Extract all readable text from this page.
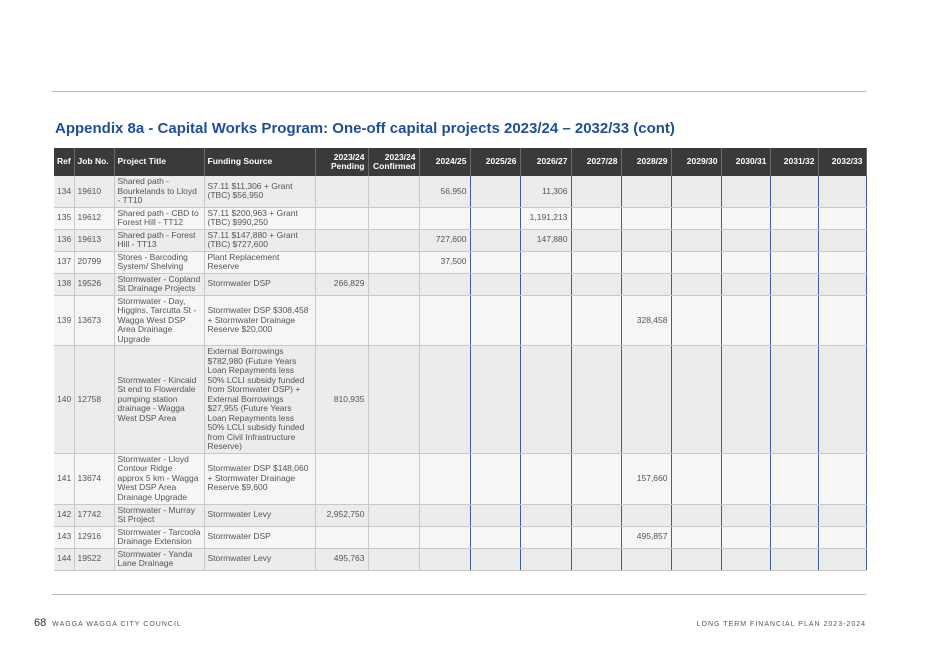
Appendix 8a - Capital Works Program: One-off capital projects 2023/24 – 2032/33 (cont)
Ref	Job No.	Project Title	Funding Source	2023/24 Pending	2023/24 Confirmed	2024/25	2025/26	2026/27	2027/28	2028/29	2029/30	2030/31	2031/32	2032/33
134	19610	Shared path - Bourkelands to Lloyd - TT10	S7.11 $11,306 + Grant (TBC) $56,950			56,950		11,306						
135	19612	Shared path - CBD to Forest Hill - TT12	S7.11 $200,963 + Grant (TBC) $990,250					1,191,213						
136	19613	Shared path - Forest Hill - TT13	S7.11 $147,880 + Grant (TBC) $727,600			727,600		147,880						
137	20799	Stores - Barcoding System/ Shelving	Plant Replacement Reserve			37,500								
138	19526	Stormwater - Copland St Drainage Projects	Stormwater DSP	266,829										
139	13673	Stormwater - Day, Higgins, Tarcutta St - Wagga West DSP Area Drainage Upgrade	Stormwater DSP $308,458 + Stormwater Drainage Reserve $20,000							328,458				
140	12758	Stormwater - Kincaid St end to Flowerdale pumping station drainage - Wagga West DSP Area	External Borrowings $782,980 (Future Years Loan Repayments less 50% LCLI subsidy funded from Stormwater DSP) + External Borrowings $27,955 (Future Years Loan Repayments less 50% LCLI subsidy funded from Civil Infrastructure Reserve)	810,935										
141	13674	Stormwater - Lloyd Contour Ridge approx 5 km - Wagga West DSP Area Drainage Upgrade	Stormwater DSP $148,060 + Stormwater Drainage Reserve $9,600							157,660				
142	17742	Stormwater - Murray St Project	Stormwater Levy	2,952,750										
143	12916	Stormwater - Tarcoola Drainage Extension	Stormwater DSP							495,857				
144	19522	Stormwater - Yanda Lane Drainage	Stormwater Levy	495,763										
68 WAGGA WAGGA CITY COUNCIL	LONG TERM FINANCIAL PLAN 2023-2024
